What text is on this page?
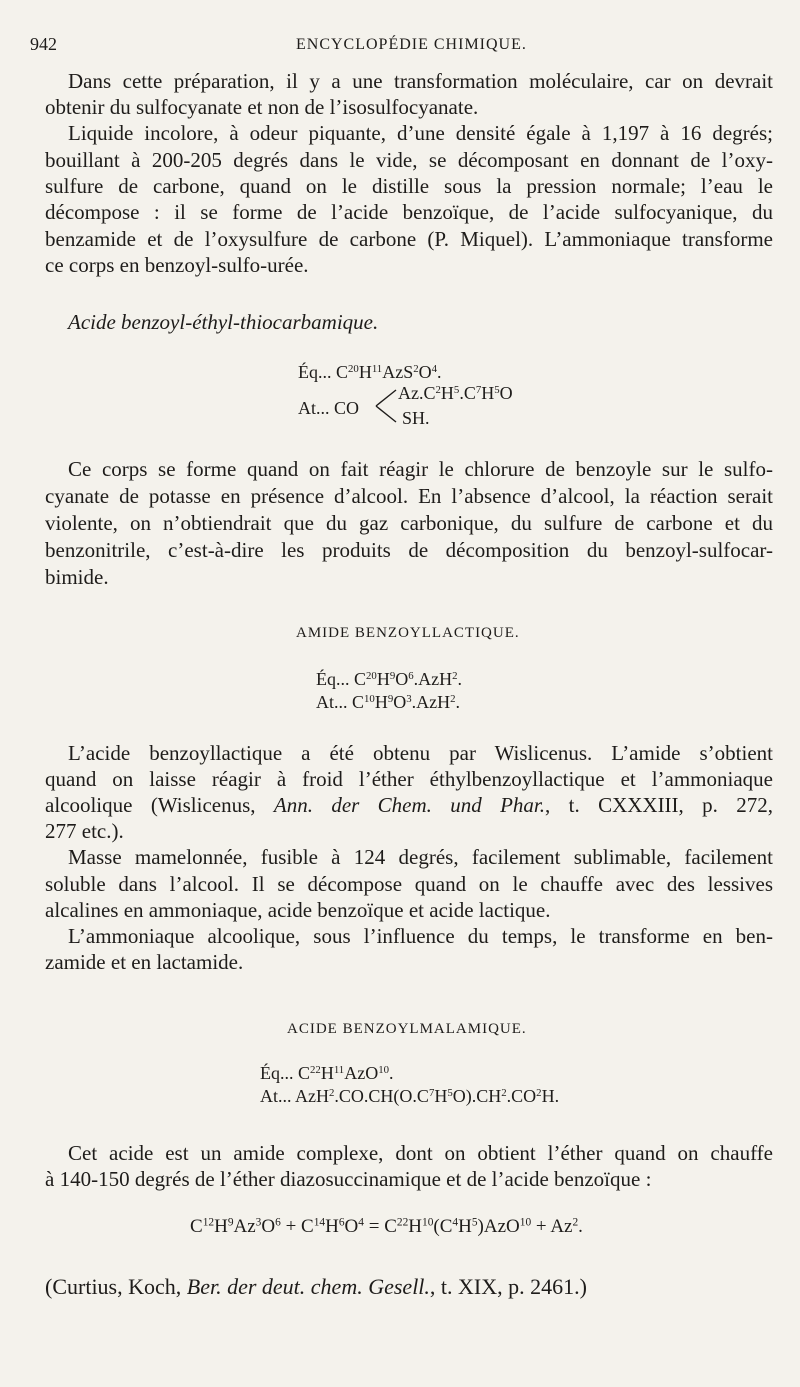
942	ENCYCLOPÉDIE CHIMIQUE.
Dans cette préparation, il y a une transformation moléculaire, car on devrait
obtenir du sulfocyanate et non de l’isosulfocyanate.
Liquide incolore, à odeur piquante, d’une densité égale à 1,197 à 16 degrés;
bouillant à 200-205 degrés dans le vide, se décomposant en donnant de l’oxy-
sulfure de carbone, quand on le distille sous la pression normale; l’eau le
décompose : il se forme de l’acide benzoïque, de l’acide sulfocyanique, du
benzamide et de l’oxysulfure de carbone (P. Miquel). L’ammoniaque transforme
ce corps en benzoyl-sulfo-urée.
Acide benzoyl-éthyl-thiocarbamique.
Éq... $C^{20}H^{11}AzS^2O^4$.
At... CO
$Az.C^2H^5.C^7H^5O$
SH.
Ce corps se forme quand on fait réagir le chlorure de benzoyle sur le sulfo-
cyanate de potasse en présence d’alcool. En l’absence d’alcool, la réaction serait
violente, on n’obtiendrait que du gaz carbonique, du sulfure de carbone et du
benzonitrile, c’est-à-dire les produits de décomposition du benzoyl-sulfocar-
bimide.
AMIDE BENZOYLLACTIQUE.
Éq... $C^{20}H^9O^6.AzH^2$.
At... $C^{10}H^9O^3.AzH^2$.
L’acide benzoyllactique a été obtenu par Wislicenus. L’amide s’obtient
quand on laisse réagir à froid l’éther éthylbenzoyllactique et l’ammoniaque
alcoolique (Wislicenus, Ann. der Chem. und Phar., t. CXXXIII, p. 272,
277 etc.).
Masse mamelonnée, fusible à 124 degrés, facilement sublimable, facilement
soluble dans l’alcool. Il se décompose quand on le chauffe avec des lessives
alcalines en ammoniaque, acide benzoïque et acide lactique.
L’ammoniaque alcoolique, sous l’influence du temps, le transforme en ben-
zamide et en lactamide.
ACIDE BENZOYLMALAMIQUE.
Éq... $C^{22}H^{11}AzO^{10}$.
At... $AzH^2.CO.CH(O.C^7H^5O).CH^2.CO^2H$.
Cet acide est un amide complexe, dont on obtient l’éther quand on chauffe
à 140-150 degrés de l’éther diazosuccinamique et de l’acide benzoïque :
$C^{12}H^9Az^3O^6 + C^{14}H^6O^4 = C^{22}H^{10}(C^4H^5)AzO^{10} + Az^2$.
(Curtius, Koch, Ber. der deut. chem. Gesell., t. XIX, p. 2461.)
